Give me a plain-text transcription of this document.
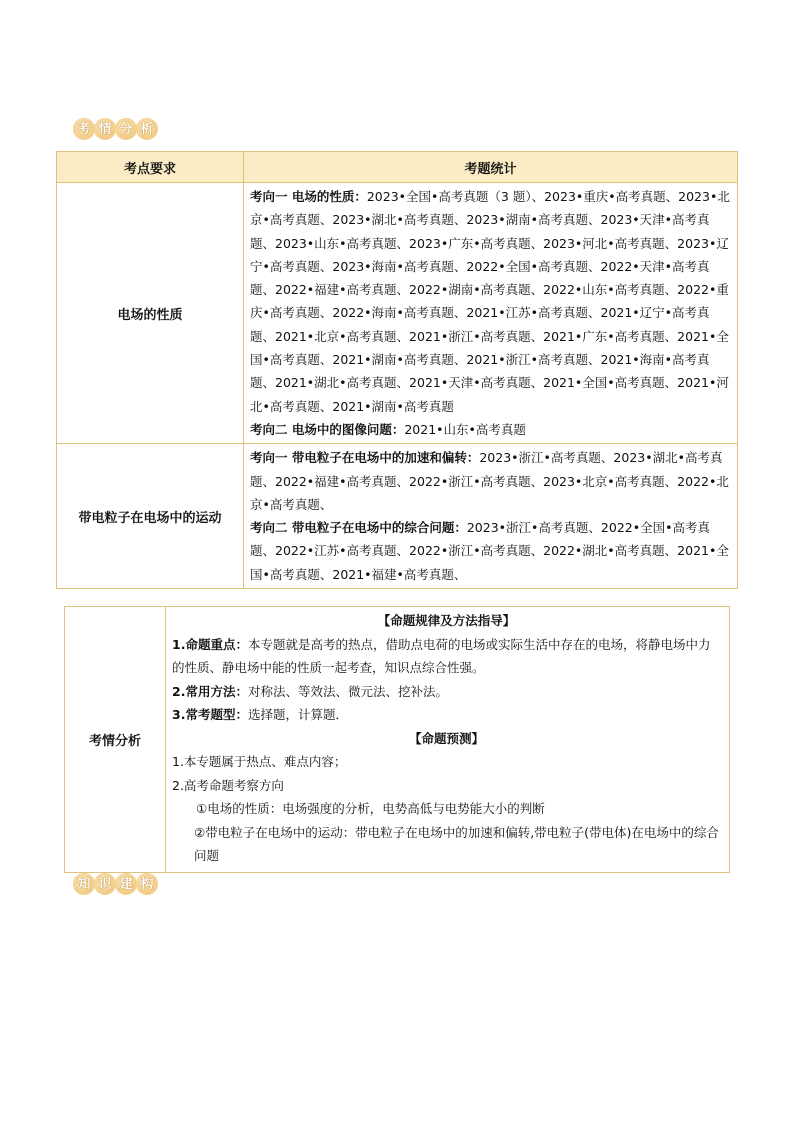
考 情 分 析
考点要求	考题统计
电场的性质	考向一 电场的性质：2023•全国•高考真题（3 题）、2023•重庆•高考真题、2023•北京•高考真题、2023•湖北•高考真题、2023•湖南•高考真题、2023•天津•高考真题、2023•山东•高考真题、2023•广东•高考真题、2023•河北•高考真题、2023•辽宁•高考真题、2023•海南•高考真题、2022•全国•高考真题、2022•天津•高考真题、2022•福建•高考真题、2022•湖南•高考真题、2022•山东•高考真题、2022•重庆•高考真题、2022•海南•高考真题、2021•江苏•高考真题、2021•辽宁•高考真题、2021•北京•高考真题、2021•浙江•高考真题、2021•广东•高考真题、2021•全国•高考真题、2021•湖南•高考真题、2021•浙江•高考真题、2021•海南•高考真题、2021•湖北•高考真题、2021•天津•高考真题、2021•全国•高考真题、2021•河北•高考真题、2021•湖南•高考真题
考向二 电场中的图像问题：2021•山东•高考真题

带电粒子在电场中的运动	考向一 带电粒子在电场中的加速和偏转：2023•浙江•高考真题、2023•湖北•高考真题、2022•福建•高考真题、2022•浙江•高考真题、2023•北京•高考真题、2022•北京•高考真题、
考向二 带电粒子在电场中的综合问题：2023•浙江•高考真题、2022•全国•高考真题、2022•江苏•高考真题、2022•浙江•高考真题、2022•湖北•高考真题、2021•全国•高考真题、2021•福建•高考真题、
考情分析	
【命题规律及方法指导】
1.命题重点：本专题就是高考的热点，借助点电荷的电场或实际生活中存在的电场，将静电场中力的性质、静电场中能的性质一起考查，知识点综合性强。
2.常用方法：对称法、等效法、微元法、挖补法。
3.常考题型：选择题，计算题．
【命题预测】
1.本专题属于热点、难点内容；
2.高考命题考察方向
①电场的性质：电场强度的分析，电势高低与电势能大小的判断
②带电粒子在电场中的运动：带电粒子在电场中的加速和偏转,带电粒子(带电体)在电场中的综合问题
知 识 建 构
